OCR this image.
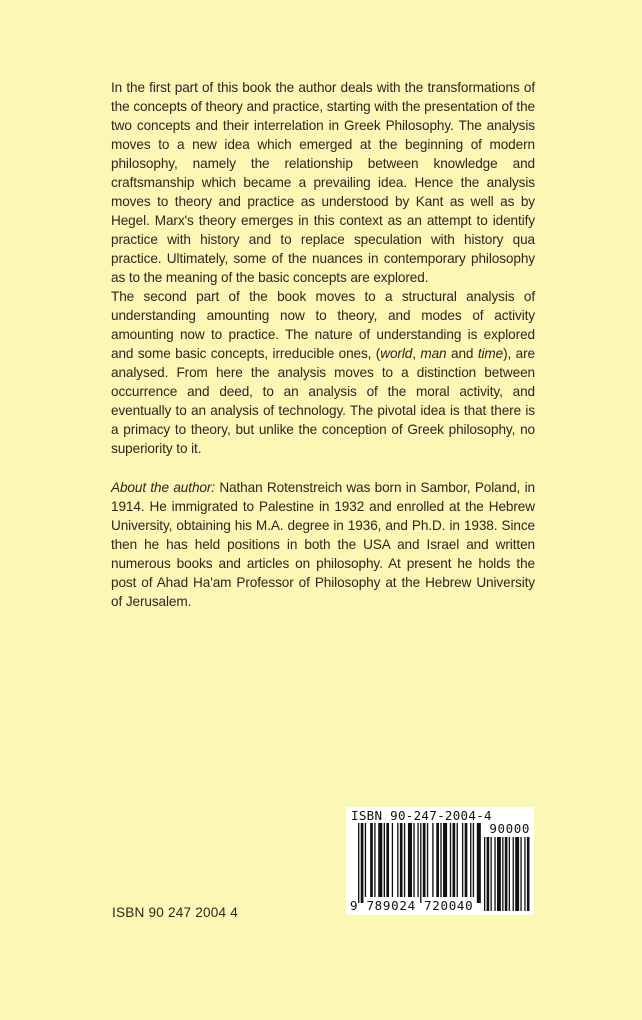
In the first part of this book the author deals with the transformations of the concepts of theory and practice, starting with the presentation of the two concepts and their interrelation in Greek Philosophy. The analysis moves to a new idea which emerged at the beginning of modern philosophy, namely the relationship between knowledge and craftsmanship which became a prevailing idea. Hence the analysis moves to theory and practice as understood by Kant as well as by Hegel. Marx's theory emerges in this context as an attempt to identify practice with history and to replace speculation with history qua practice. Ultimately, some of the nuances in contemporary philosophy as to the meaning of the basic concepts are explored.

The second part of the book moves to a structural analysis of understanding amounting now to theory, and modes of activity amounting now to practice. The nature of understanding is explored and some basic concepts, irreducible ones, (world, man and time), are analysed. From here the analysis moves to a distinction between occurrence and deed, to an analysis of the moral activity, and eventually to an analysis of technology. The pivotal idea is that there is a primacy to theory, but unlike the conception of Greek philosophy, no superiority to it.

About the author: Nathan Rotenstreich was born in Sambor, Poland, in 1914. He immigrated to Palestine in 1932 and enrolled at the Hebrew University, obtaining his M.A. degree in 1936, and Ph.D. in 1938. Since then he has held positions in both the USA and Israel and written numerous books and articles on philosophy. At present he holds the post of Ahad Ha'am Professor of Philosophy at the Hebrew University of Jerusalem.

ISBN 90 247 2004 4
ISBN 90-247-2004-4
90000
9 789024 720040
